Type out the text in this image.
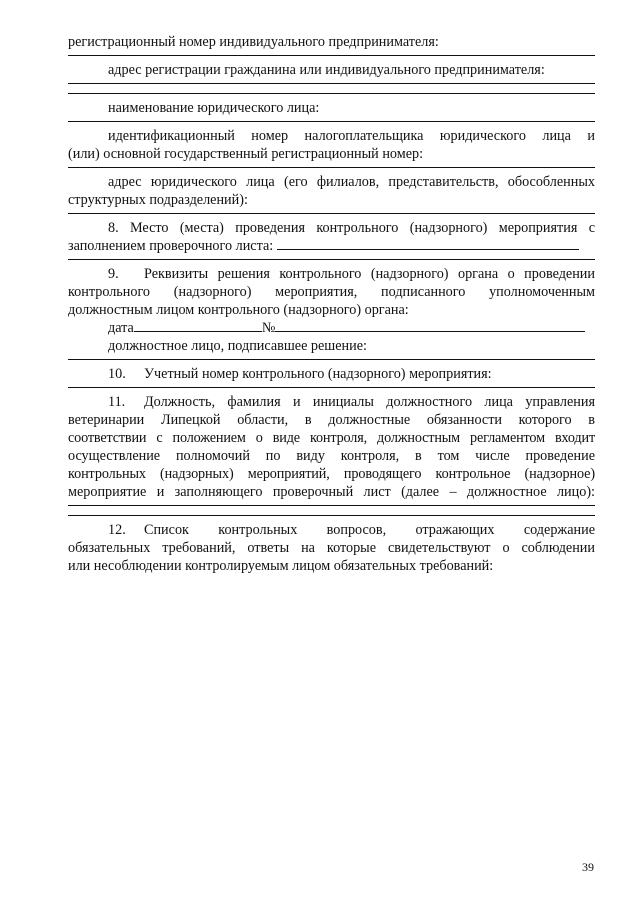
регистрационный номер индивидуального предпринимателя:
адрес регистрации гражданина или индивидуального предпринимателя:
наименование юридического лица:
идентификационный номер налогоплательщика юридического лица и
(или) основной государственный регистрационный номер:
адрес юридического лица (его филиалов, представительств, обособленных
структурных подразделений):
8. Место (места) проведения контрольного (надзорного) мероприятия с
заполнением проверочного листа:
9. Реквизиты решения контрольного (надзорного) органа о проведении
контрольного (надзорного) мероприятия, подписанного уполномоченным
должностным лицом контрольного (надзорного) органа:
дата	№
должностное лицо, подписавшее решение:
10. Учетный номер контрольного (надзорного) мероприятия:
11. Должность, фамилия и инициалы должностного лица управления
ветеринарии Липецкой области, в должностные обязанности которого в
соответствии с положением о виде контроля, должностным регламентом входит
осуществление полномочий по виду контроля, в том числе проведение
контрольных (надзорных) мероприятий, проводящего контрольное (надзорное)
мероприятие и заполняющего проверочный лист (далее – должностное лицо):
12. Список контрольных вопросов, отражающих содержание
обязательных требований, ответы на которые свидетельствуют о соблюдении
или несоблюдении контролируемым лицом обязательных требований:
39
